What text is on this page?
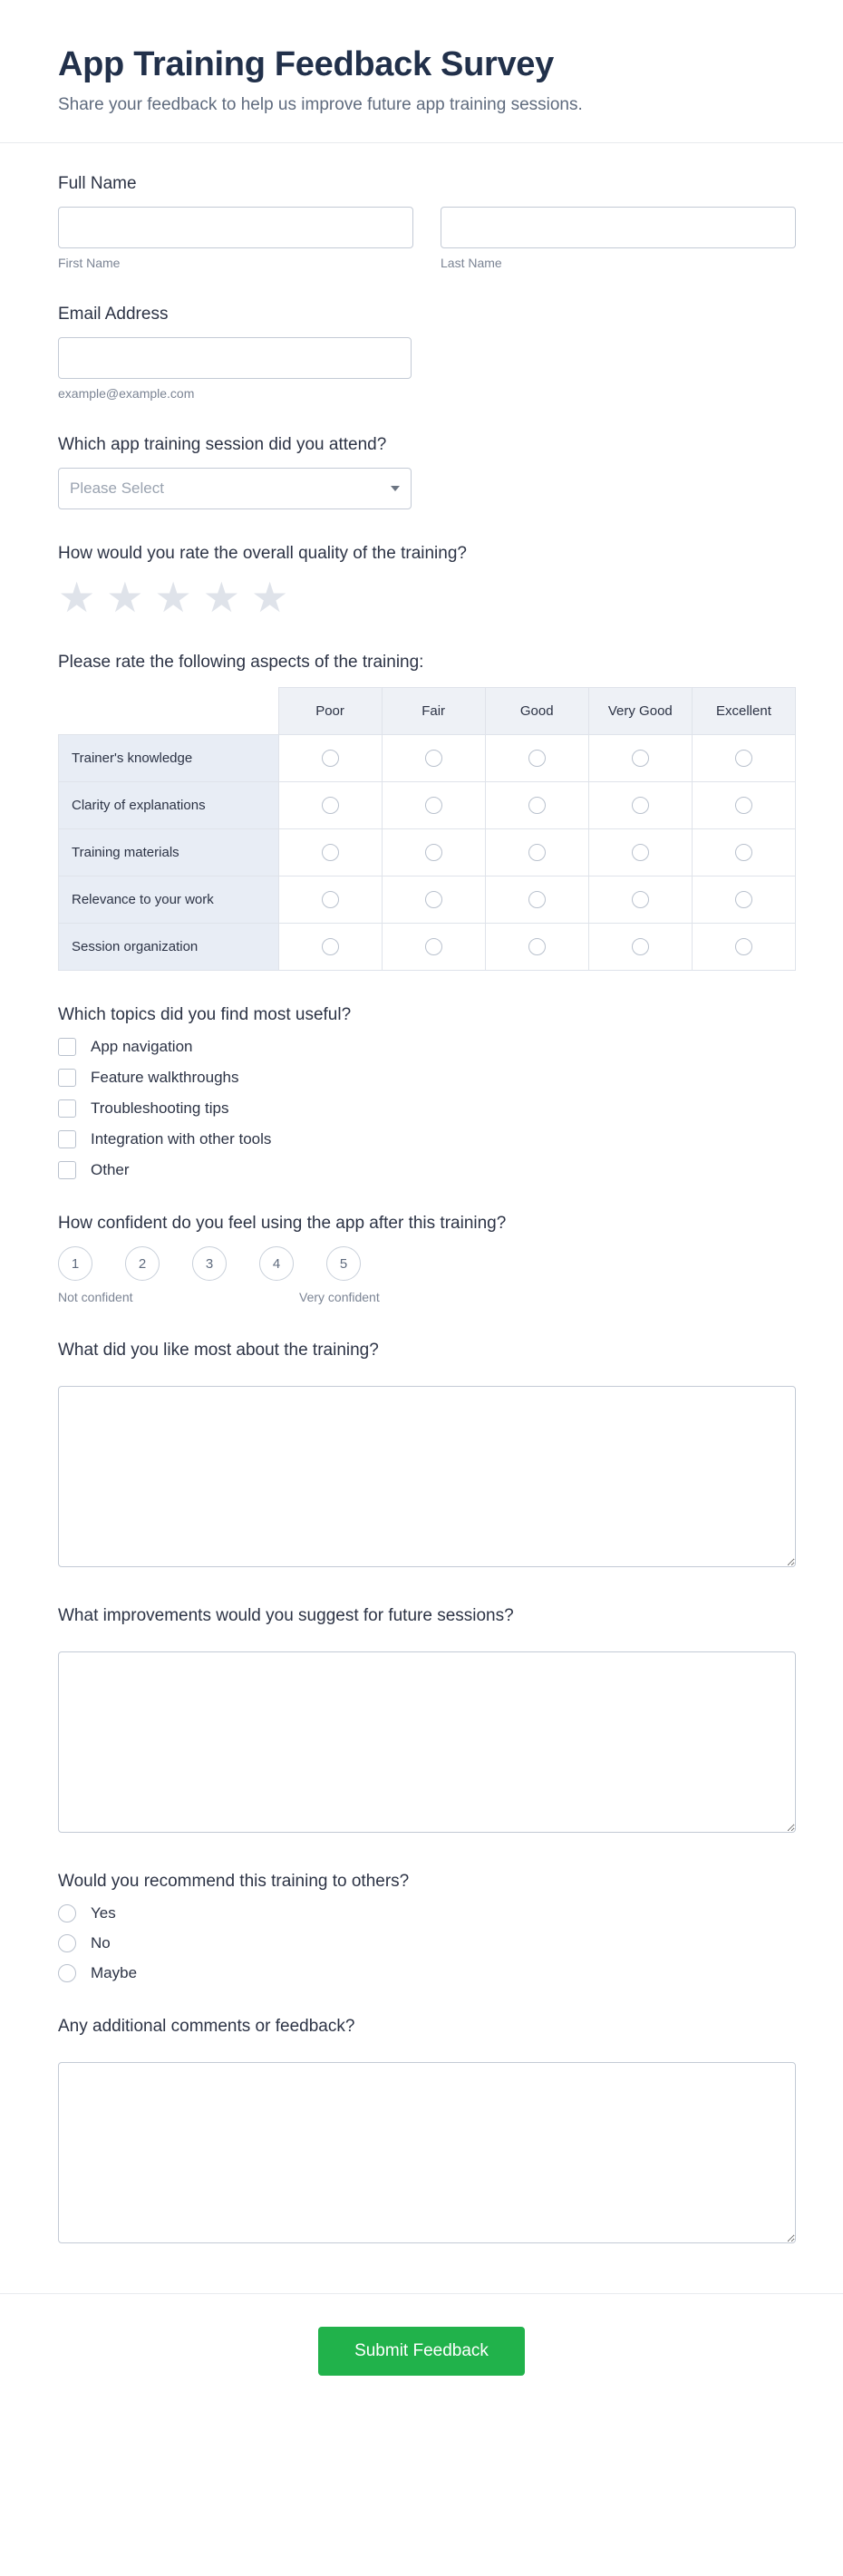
App Training Feedback Survey

Share your feedback to help us improve future app training sessions.

Full Name
First Name	Last Name
Email Address
example@example.com
Which app training session did you attend?
Please Select
How would you rate the overall quality of the training?
★ ★ ★ ★ ★
Please rate the following aspects of the training:
	Poor	Fair	Good	Very Good	Excellent
Trainer's knowledge					
Clarity of explanations					
Training materials					
Relevance to your work					
Session organization					
Which topics did you find most useful?
App navigation
Feature walkthroughs
Troubleshooting tips
Integration with other tools
Other
How confident do you feel using the app after this training?
1	2	3	4	5
Not confident	Very confident
What did you like most about the training?
What improvements would you suggest for future sessions?
Would you recommend this training to others?
Yes
No
Maybe
Any additional comments or feedback?
Submit Feedback
